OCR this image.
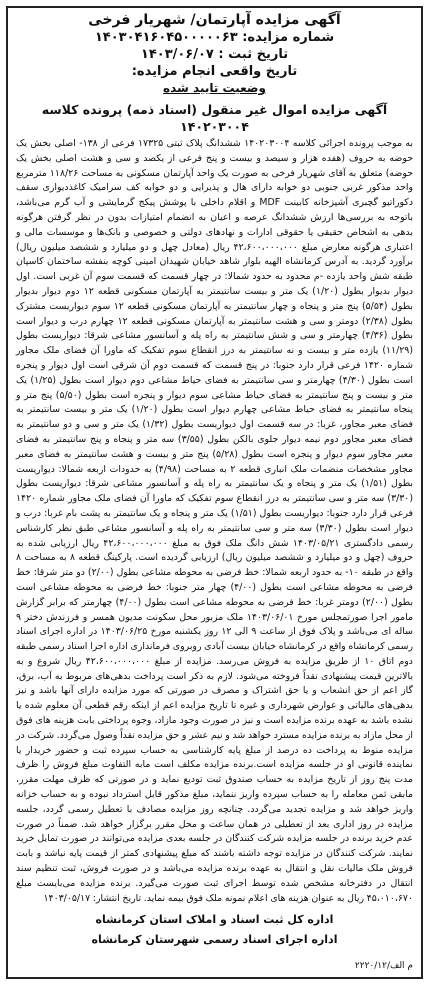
آگهی مزایده آپارتمان/ شهریار فرخی
شماره مزایده: ۱۴۰۳۰۴۱۶۰۴۵۰۰۰۰۰۶۳
تاریخ ثبت : ۱۴۰۳/۰۶/۰۷
تاریخ واقعی انجام مزایده:
وضعیت تایید شده
آگهی مزایده اموال غیر منقول (اسناد ذمه) پرونده کلاسه ۱۴۰۲۰۳۰۰۴
به موجب پرونده اجرائی کلاسه ۱۴۰۲۰۳۰۰۴ ششدانگ پلاک ثبتی ۱۷۳۲۵ فرعی از ۱۳۸- اصلی بخش یک حوضه به حروف (هفده هزار و سیصد و بیست و پنج فرعی از یکصد و سی و هشت اصلی بخش یک حوضه) متعلق به آقای شهریار فرخی به صورت یک واحد آپارتمان مسکونی به مساحت ۱۱۸/۲۶ مترمربع واحد مذکور غربی جنوبی دو خوابه دارای هال و پذیرایی و دو خوابه کف سرامیک کاغذدیواری سقف دکوراتیو گچبری آشپزخانه کابینت MDF و اقلام داخلی با پوشش پیکج گرمایشی و آب گرم می‌باشد، باتوجه به بررسی‌ها ارزش ششدانگ عرصه و اعیان به انضمام امتیازات بدون در نظر گرفتن هرگونه بدهی به اشخاص حقیقی یا حقوقی ادارات و نهادهای دولتی و خصوصی و بانک‌ها و موسسات مالی و اعتباری هرگونه معارض مبلغ ۴۲،۶۰۰،۰۰۰،۰۰۰ ریال (معادل چهل و دو میلیارد و ششصد میلیون ریال) برآورد گردید. به آدرس کرمانشاه الهیه بلوار شاهد خیابان شهیدان امینی کوچه بنفشه ساختمان کاسپان طبقه شش واحد یازده -م محدود به حدود شمالا: در چهار قسمت که قسمت سوم آن غربی است. اول دیوار بدیوار بطول (۱/۲۰) یک متر و بیست سانتیمتر به آپارتمان مسکونی قطعه ۱۲ دوم دیوار بدیوار بطول (۵/۵۴) پنج متر و پنجاه و چهار سانتیمتر به آپارتمان مسکونی قطعه ۱۲ سوم دیواریست مشترک بطول (۲/۳۸) دومتر و سی و هشت سانتیمتر به آپارتمان مسکونی قطعه ۱۲ چهارم درب و دیوار است بطول (۴/۳۶) چهارمتر و سی و شش سانتیمتر به راه پله و آسانسور مشاعی شرقا: دیواریست بطول (۱۱/۲۹) یازده متر و بیست و نه سانتیمتر به درز انقطاع سوم تفکیک که ماورا آن فضای ملک مجاور شماره ۱۴۲۰ فرعی قرار دارد جنوبا: در پنج قسمت که قسمت دوم آن شرقی است اول دیوار و پنجره است بطول (۴/۳۰) چهارمتر و سی سانتیمتر به فضای حیاط مشاعی دوم دیوار است بطول (۱/۲۵) یک متر و بیست و پنج سانتیمتر به فضای حیاط مشاعی سوم دیوار و پنجره است بطول (۵/۵۰) پنج متر و پنجاه سانتیمتر به فضای حیاط مشاعی چهارم دیوار است بطول (۱/۲۰) یک متر و بیست سانتیمتر به فضای معبر مجاور، غربا: در سه قسمت اول دیواریست بطول (۱/۳۲) یک متر و سی و دو سانتیمتر به فضای معبر مجاور دوم نیمه دیوار جلوی بالکن بطول (۳/۵۵) سه متر و پنجاه و پنج سانتیمتر به فضای معبر مجاور سوم دیوار و پنجره است بطول (۵/۲۸) پنج متر و بیست و هشت سانتیمتر به فضای معبر مجاور مشخصات منضمات ملک انباری قطعه ۲ به مساحت (۴/۹۸) به حدودات اربعه شمالا: دیواریست بطول (۱/۵۱) یک متر و پنجاه و یک سانتیمتر به راه پله و آسانسور مشاعی شرقا: دیواریست بطول (۳/۳۰) سه متر و سی سانتیمتر به درز انقطاع سوم تفکیک که ماورا آن فضای ملک مجاور شماره ۱۴۲۰ فرعی قرار دارد جنوبا: دیواریست بطول (۱/۵۱) یک متر و پنجاه و یک سانتیمتر به پشت بام غربا: درب و دیوار است بطول (۳/۳۰) سه متر و سی سانتیمتر به راه پله و آسانسور مشاعی طبق نظر کارشناس رسمی دادگستری ۱۴۰۳/۰۵/۲۱ شش دانگ ملک فوق به مبلغ ۴۲،۶۰۰،۰۰۰،۰۰۰ ریال ارزیابی شده به حروف (چهل و دو میلیارد و ششصد میلیون ریال) ارزیابی گردیده است. پارکینگ قطعه ۸ به مساحت ۸ واقع در طبقه ۱۰- به حدود اربعه شمالا: خط فرضی به محوطه مشاعی بطول (۲/۰۰) دو متر شرقا: خط فرضی به محوطه مشاعی است بطول (۴/۰۰) چهار متر جنوبا: خط فرضی به محوطه مشاعی است بطول (۲/۰۰) دومتر غربا: خط فرضی به محوطه مشاعی است بطول (۴/۰۰) چهارمتر که برابر گزارش مامور اجرا صورتمجلس مورخ ۱۴۰۳/۰۶/۰۱ ملک مزبور محل سکونت مدیون همسر و فرزندش دختر ۹ ساله ای می‌باشد و پلاک فوق از ساعت ۹ الی ۱۲ روز یکشنبه مورخ ۱۴۰۳/۰۶/۲۵ در اداره اجرای اسناد رسمی کرمانشاه واقع در کرمانشاه خیابان بیست آبادی روبروی فرمانداری اداره اجرا اسناد رسمی طبقه دوم اتاق ۱۰ از طریق مزایده به فروش می‌رسد. مزایده از مبلغ ۴۲،۶۰۰،۰۰۰،۰۰۰ ریال شروع و به بالاترین قیمت پیشنهادی نقداً فروخته می‌شود. لازم به ذکر است پرداخت بدهی‌های مربوط به آب، برق، گاز اعم از حق انشعاب و یا حق اشتراک و مصرف در صورتی که مورد مزایده دارای آنها باشد و نیز بدهی‌های مالیاتی و عوارض شهرداری و غیره تا تاریخ مزایده اعم از اینکه رقم قطعی آن معلوم شده یا نشده باشد به عهده برنده مزایده است و نیز در صورت وجود مازاد، وجوه پرداختی بابت هزینه های فوق از محل مازاد به برنده مزایده مسترد خواهد شد و نیم عشر و حق مزایده نقداً وصول می‌گردد. شرکت در مزایده منوط به پرداخت ده درصد از مبلغ پایه کارشناسی به حساب سپرده ثبت و حضور خریدار یا نماینده قانونی او در جلسه مزایده است.برنده مزایده مکلف است مابه التفاوت مبلغ فروش را ظرف مدت پنج روز از تاریخ مزایده به حساب صندوق ثبت تودیع نماید و در صورتی که ظرف مهلت مقرر، مابقی ثمن معامله را به حساب سپرده واریز ننماید، مبلغ مذکور قابل استرداد نبوده و به حساب خزانه واریز خواهد شد و مزایده تجدید می‌گردد. چنانچه روز مزایده مصادف با تعطیل رسمی گردد، جلسه مزایده در روز اداری بعد از تعطیلی در همان ساعت و محل مقرر برگزار خواهد شد. ضمناً در صورت عدم خرید برنده در جلسه مزایده شرکت کنندگان در جلسه بعدی مزایده می‌توانند در صورت تمایل خرید نمایند. شرکت کنندگان در مزایده توجه داشته باشند که مبلغ پیشنهادی کمتر از قیمت پایه نباشد و بابت فروش ملک مالیات نقل و انتقال به عهده برنده مزایده می‌باشد و در صورت فروش، ثبت تنظیم سند انتقال در دفترخانه مشخص شده توسط اجرای ثبت صورت می‌گیرد. برنده مزایده می‌بایست مبلغ ۴۵،۰۱۰،۶۷۰ ریال به عنوان هزینه های اعلام نمونه ملک فوق بیمه نماید. تاریخ انتشار: ۱۴۰۳/۰۵/۱۷
اداره کل ثبت اسناد و املاک استان کرمانشاه
اداره اجرای اسناد رسمی شهرستان کرمانشاه
۲۲۲۰/م الف/۱۲
